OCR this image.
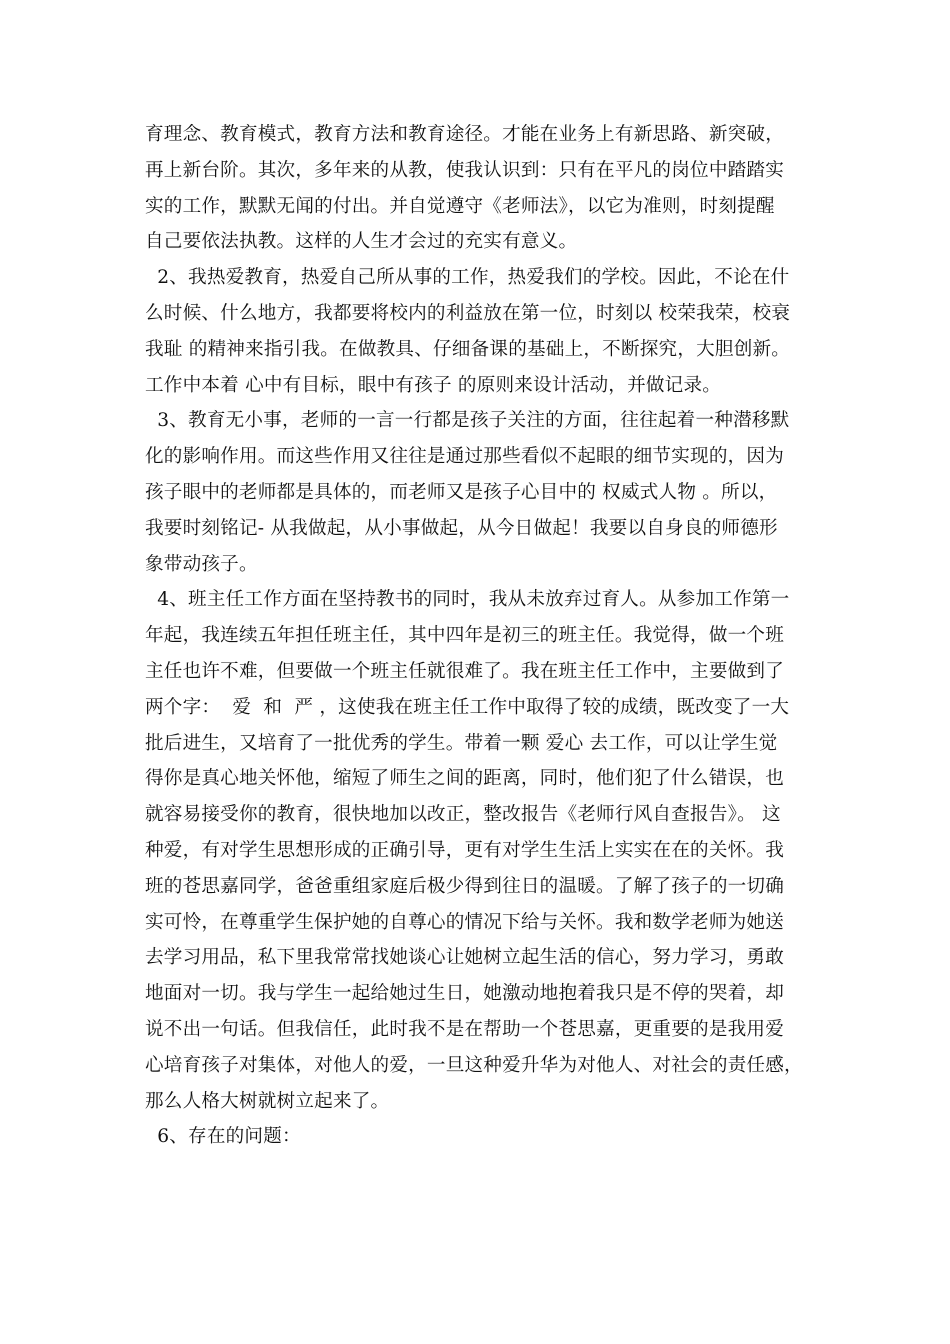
育理念、教育模式，教育方法和教育途径。才能在业务上有新思路、新突破，
再上新台阶。其次，多年来的从教，使我认识到：只有在平凡的岗位中踏踏实
实的工作，默默无闻的付出。并自觉遵守《老师法》，以它为准则，时刻提醒
自己要依法执教。这样的人生才会过的充实有意义。
2、我热爱教育，热爱自己所从事的工作，热爱我们的学校。因此，不论在什
么时候、什么地方，我都要将校内的利益放在第一位，时刻以 校荣我荣，校衰
我耻 的精神来指引我。在做教具、仔细备课的基础上，不断探究，大胆创新。
工作中本着 心中有目标，眼中有孩子 的原则来设计活动，并做记录。
3、教育无小事，老师的一言一行都是孩子关注的方面，往往起着一种潜移默
化的影响作用。而这些作用又往往是通过那些看似不起眼的细节实现的，因为
孩子眼中的老师都是具体的，而老师又是孩子心目中的 权威式人物 。所以，
我要时刻铭记- 从我做起，从小事做起，从今日做起！我要以自身良的师德形
象带动孩子。
4、班主任工作方面在坚持教书的同时，我从未放弃过育人。从参加工作第一
年起，我连续五年担任班主任，其中四年是初三的班主任。我觉得，做一个班
主任也许不难，但要做一个班主任就很难了。我在班主任工作中，主要做到了
两个字：  爱  和  严 ，这使我在班主任工作中取得了较的成绩，既改变了一大
批后进生，又培育了一批优秀的学生。带着一颗 爱心 去工作，可以让学生觉
得你是真心地关怀他，缩短了师生之间的距离，同时，他们犯了什么错误，也
就容易接受你的教育，很快地加以改正，整改报告《老师行风自查报告》。 这
种爱，有对学生思想形成的正确引导，更有对学生生活上实实在在的关怀。我
班的苍思嘉同学，爸爸重组家庭后极少得到往日的温暖。了解了孩子的一切确
实可怜，在尊重学生保护她的自尊心的情况下给与关怀。我和数学老师为她送
去学习用品，私下里我常常找她谈心让她树立起生活的信心，努力学习，勇敢
地面对一切。我与学生一起给她过生日，她激动地抱着我只是不停的哭着，却
说不出一句话。但我信任，此时我不是在帮助一个苍思嘉，更重要的是我用爱
心培育孩子对集体，对他人的爱，一旦这种爱升华为对他人、对社会的责任感，
那么人格大树就树立起来了。
6、存在的问题：
